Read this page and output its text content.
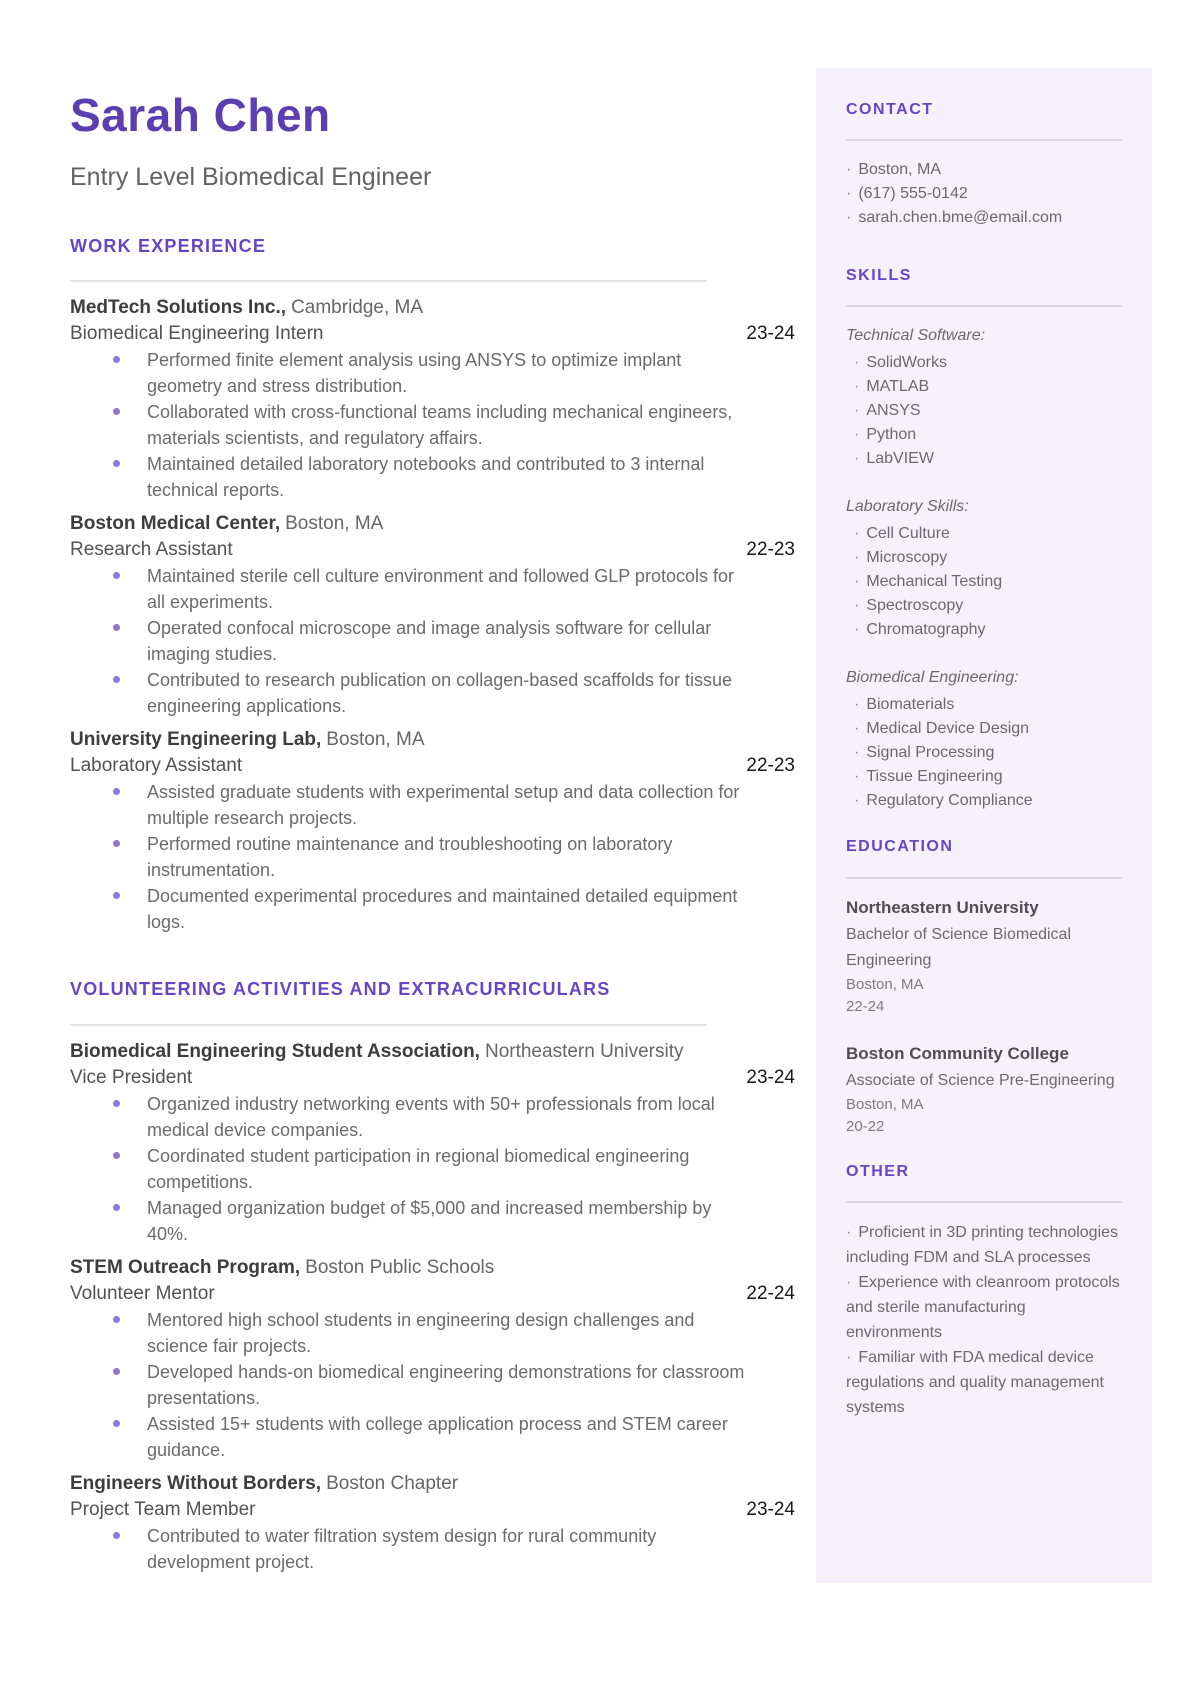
Sarah Chen
Entry Level Biomedical Engineer
WORK EXPERIENCE
MedTech Solutions Inc., Cambridge, MA
Biomedical Engineering Intern	23-24
Performed finite element analysis using ANSYS to optimize implant geometry and stress distribution.
Collaborated with cross-functional teams including mechanical engineers, materials scientists, and regulatory affairs.
Maintained detailed laboratory notebooks and contributed to 3 internal technical reports.
Boston Medical Center, Boston, MA
Research Assistant	22-23
Maintained sterile cell culture environment and followed GLP protocols for all experiments.
Operated confocal microscope and image analysis software for cellular imaging studies.
Contributed to research publication on collagen-based scaffolds for tissue engineering applications.
University Engineering Lab, Boston, MA
Laboratory Assistant	22-23
Assisted graduate students with experimental setup and data collection for multiple research projects.
Performed routine maintenance and troubleshooting on laboratory instrumentation.
Documented experimental procedures and maintained detailed equipment logs.
VOLUNTEERING ACTIVITIES AND EXTRACURRICULARS
Biomedical Engineering Student Association, Northeastern University
Vice President	23-24
Organized industry networking events with 50+ professionals from local medical device companies.
Coordinated student participation in regional biomedical engineering competitions.
Managed organization budget of $5,000 and increased membership by 40%.
STEM Outreach Program, Boston Public Schools
Volunteer Mentor	22-24
Mentored high school students in engineering design challenges and science fair projects.
Developed hands-on biomedical engineering demonstrations for classroom presentations.
Assisted 15+ students with college application process and STEM career guidance.
Engineers Without Borders, Boston Chapter
Project Team Member	23-24
Contributed to water filtration system design for rural community development project.
CONTACT
· Boston, MA
· (617) 555-0142
· sarah.chen.bme@email.com
SKILLS
Technical Software:
· SolidWorks
· MATLAB
· ANSYS
· Python
· LabVIEW
Laboratory Skills:
· Cell Culture
· Microscopy
· Mechanical Testing
· Spectroscopy
· Chromatography
Biomedical Engineering:
· Biomaterials
· Medical Device Design
· Signal Processing
· Tissue Engineering
· Regulatory Compliance
EDUCATION
Northeastern University
Bachelor of Science Biomedical Engineering
Boston, MA
22-24
Boston Community College
Associate of Science Pre-Engineering
Boston, MA
20-22
OTHER
· Proficient in 3D printing technologies including FDM and SLA processes
· Experience with cleanroom protocols and sterile manufacturing environments
· Familiar with FDA medical device regulations and quality management systems
